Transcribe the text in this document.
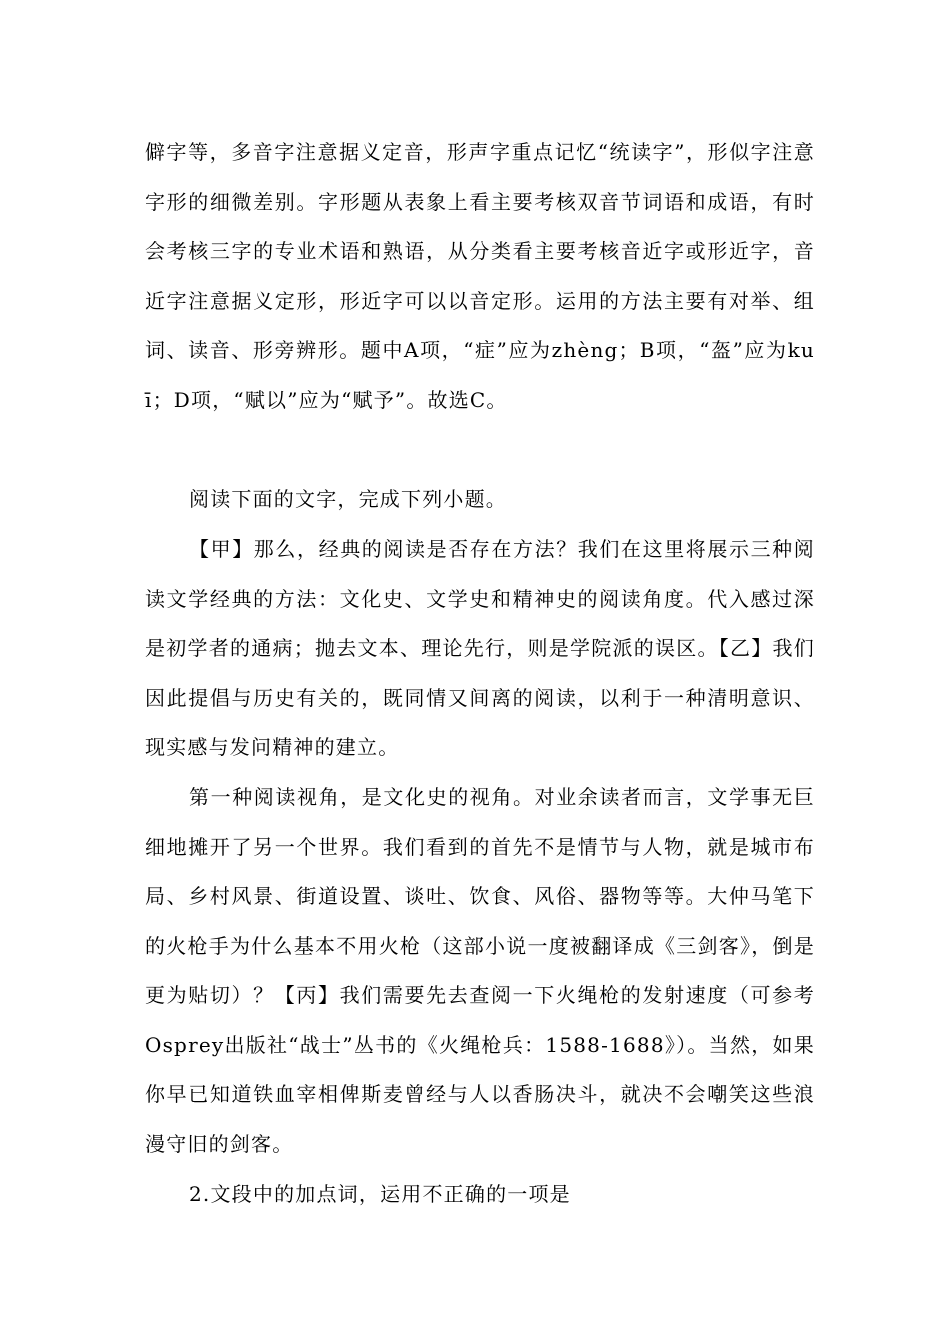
僻字等，多音字注意据义定音，形声字重点记忆“统读字”，形似字注意字形的细微差别。字形题从表象上看主要考核双音节词语和成语，有时会考核三字的专业术语和熟语，从分类看主要考核音近字或形近字，音近字注意据义定形，形近字可以以音定形。运用的方法主要有对举、组词、读音、形旁辨形。题中A项，“症”应为zhèng；B项，“盔”应为kuī；D项，“赋以”应为“赋予”。故选C。

阅读下面的文字，完成下列小题。

【甲】那么，经典的阅读是否存在方法？我们在这里将展示三种阅读文学经典的方法：文化史、文学史和精神史的阅读角度。代入感过深是初学者的通病；抛去文本、理论先行，则是学院派的误区。【乙】我们因此提倡与历史有关的，既同情又间离的阅读，以利于一种清明意识、现实感与发问精神的建立。

第一种阅读视角，是文化史的视角。对业余读者而言，文学事无巨细地摊开了另一个世界。我们看到的首先不是情节与人物，就是城市布局、乡村风景、街道设置、谈吐、饮食、风俗、器物等等。大仲马笔下的火枪手为什么基本不用火枪（这部小说一度被翻译成《三剑客》，倒是更为贴切）？【丙】我们需要先去查阅一下火绳枪的发射速度（可参考Osprey出版社“战士”丛书的《火绳枪兵：1588-1688》）。当然，如果你早已知道铁血宰相俾斯麦曾经与人以香肠决斗，就决不会嘲笑这些浪漫守旧的剑客。

2.文段中的加点词，运用不正确的一项是
